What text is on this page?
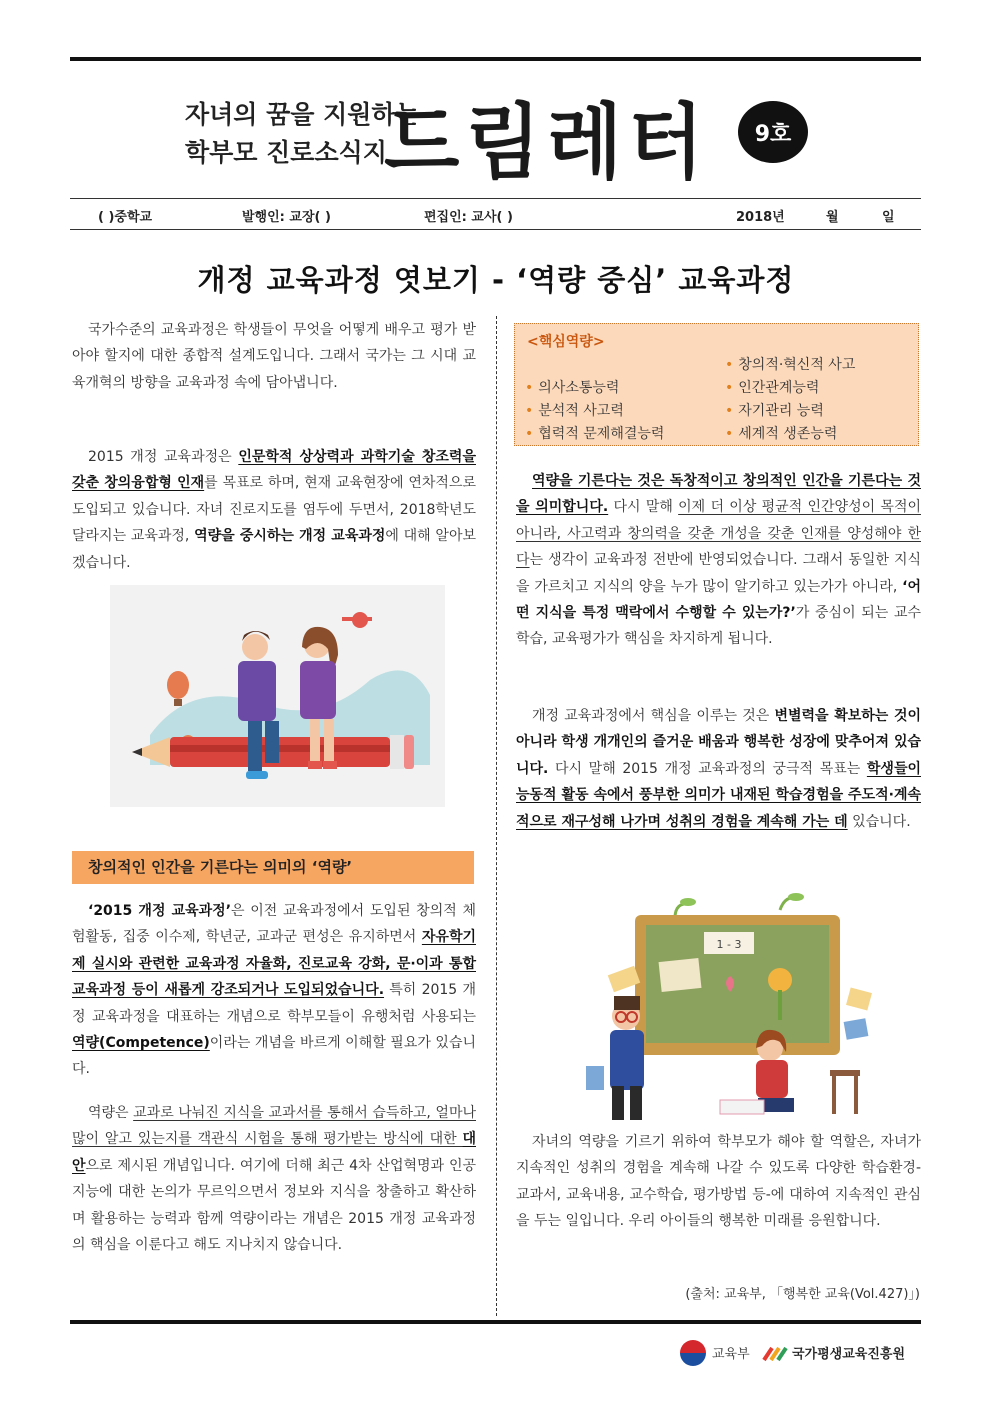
자녀의 꿈을 지원하는
학부모 진로소식지
드림레터	9호
( )중학교	발행인: 교장( )	편집인: 교사( )	2018년	월	일
개정 교육과정 엿보기 - ‘역량 중심’ 교육과정
국가수준의 교육과정은 학생들이 무엇을 어떻게 배우고 평가 받아야 할지에 대한 종합적 설계도입니다. 그래서 국가는 그 시대 교육개혁의 방향을 교육과정 속에 담아냅니다.
2015 개정 교육과정은 인문학적 상상력과 과학기술 창조력을 갖춘 창의융합형 인재를 목표로 하며, 현재 교육현장에 연차적으로 도입되고 있습니다. 자녀 진로지도를 염두에 두면서, 2018학년도 달라지는 교육과정, 역량을 중시하는 개정 교육과정에 대해 알아보겠습니다.
창의적인 인간을 기른다는 의미의 ‘역량’
‘2015 개정 교육과정’은 이전 교육과정에서 도입된 창의적 체험활동, 집중 이수제, 학년군, 교과군 편성은 유지하면서 자유학기제 실시와 관련한 교육과정 자율화, 진로교육 강화, 문·이과 통합 교육과정 등이 새롭게 강조되거나 도입되었습니다. 특히 2015 개정 교육과정을 대표하는 개념으로 학부모들이 유행처럼 사용되는 역량(Competence)이라는 개념을 바르게 이해할 필요가 있습니다.
역량은 교과로 나눠진 지식을 교과서를 통해서 습득하고, 얼마나 많이 알고 있는지를 객관식 시험을 통해 평가받는 방식에 대한 대안으로 제시된 개념입니다. 여기에 더해 최근 4차 산업혁명과 인공지능에 대한 논의가 무르익으면서 정보와 지식을 창출하고 확산하며 활용하는 능력과 함께 역량이라는 개념은 2015 개정 교육과정의 핵심을 이룬다고 해도 지나치지 않습니다.
<핵심역량>
• 창의적·혁신적 사고
• 의사소통능력	• 인간관계능력
• 분석적 사고력	• 자기관리 능력
• 협력적 문제해결능력	• 세계적 생존능력
역량을 기른다는 것은 독창적이고 창의적인 인간을 기른다는 것을 의미합니다. 다시 말해 이제 더 이상 평균적 인간양성이 목적이 아니라, 사고력과 창의력을 갖춘 개성을 갖춘 인재를 양성해야 한다는 생각이 교육과정 전반에 반영되었습니다. 그래서 동일한 지식을 가르치고 지식의 양을 누가 많이 알기하고 있는가가 아니라, ‘어떤 지식을 특정 맥락에서 수행할 수 있는가?’가 중심이 되는 교수학습, 교육평가가 핵심을 차지하게 됩니다.
개정 교육과정에서 핵심을 이루는 것은 변별력을 확보하는 것이 아니라 학생 개개인의 즐거운 배움과 행복한 성장에 맞추어져 있습니다. 다시 말해 2015 개정 교육과정의 궁극적 목표는 학생들이 능동적 활동 속에서 풍부한 의미가 내재된 학습경험을 주도적·계속적으로 재구성해 나가며 성취의 경험을 계속해 가는 데 있습니다.
1 - 3
자녀의 역량을 기르기 위하여 학부모가 해야 할 역할은, 자녀가 지속적인 성취의 경험을 계속해 나갈 수 있도록 다양한 학습환경-교과서, 교육내용, 교수학습, 평가방법 등-에 대하여 지속적인 관심을 두는 일입니다. 우리 아이들의 행복한 미래를 응원합니다.
(출처: 교육부, 「행복한 교육(Vol.427)」)
교육부	국가평생교육진흥원
